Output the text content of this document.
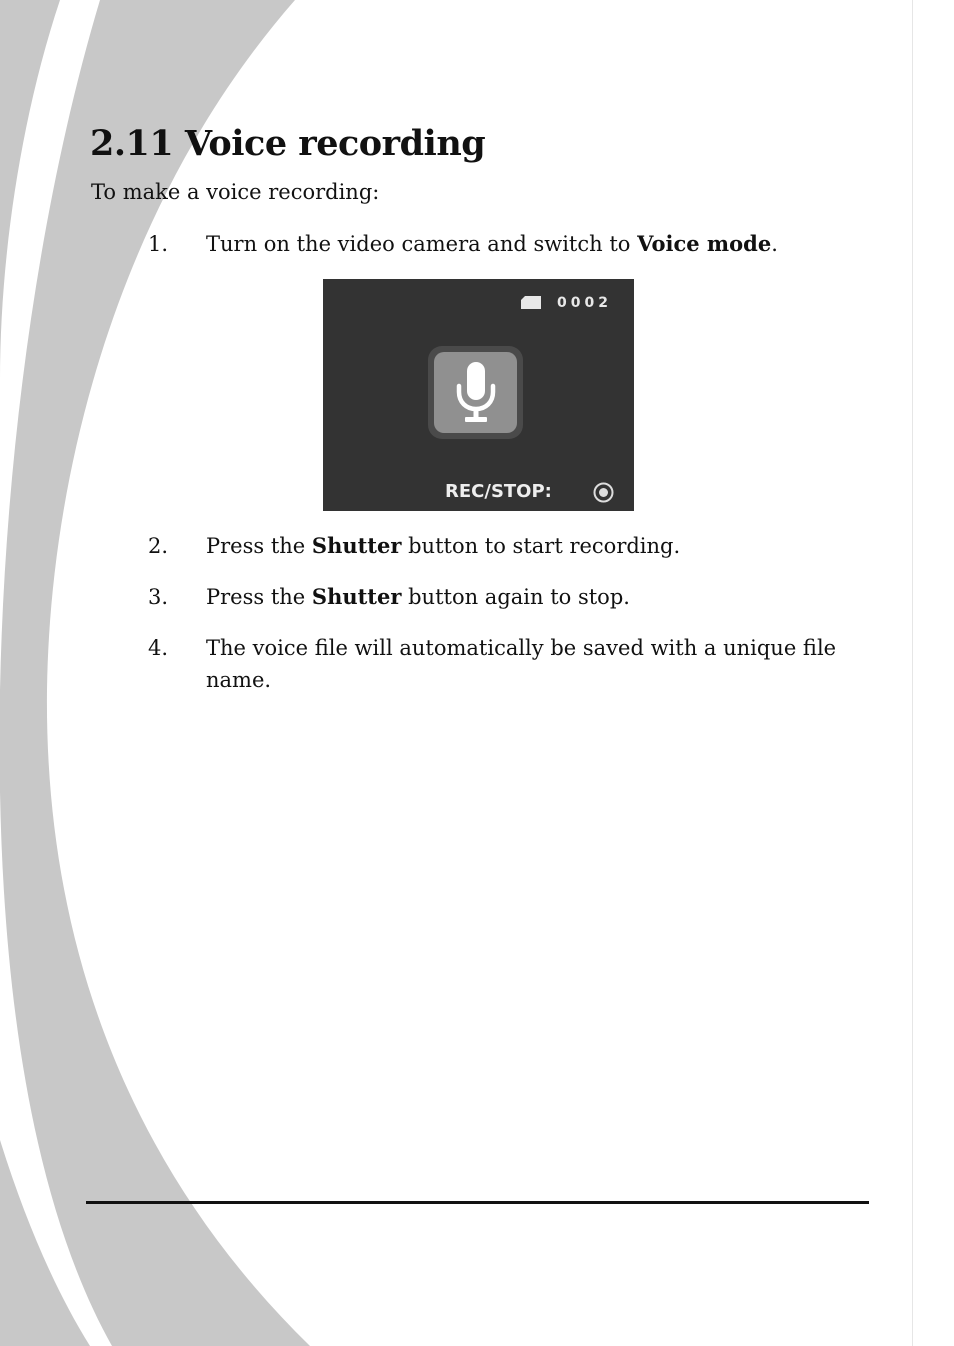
2.11 Voice recording

To make a voice recording:

1. Turn on the video camera and switch to Voice mode.
0002
REC/STOP:
2. Press the Shutter button to start recording.
3. Press the Shutter button again to stop.
4. The voice file will automatically be saved with a unique file name.
